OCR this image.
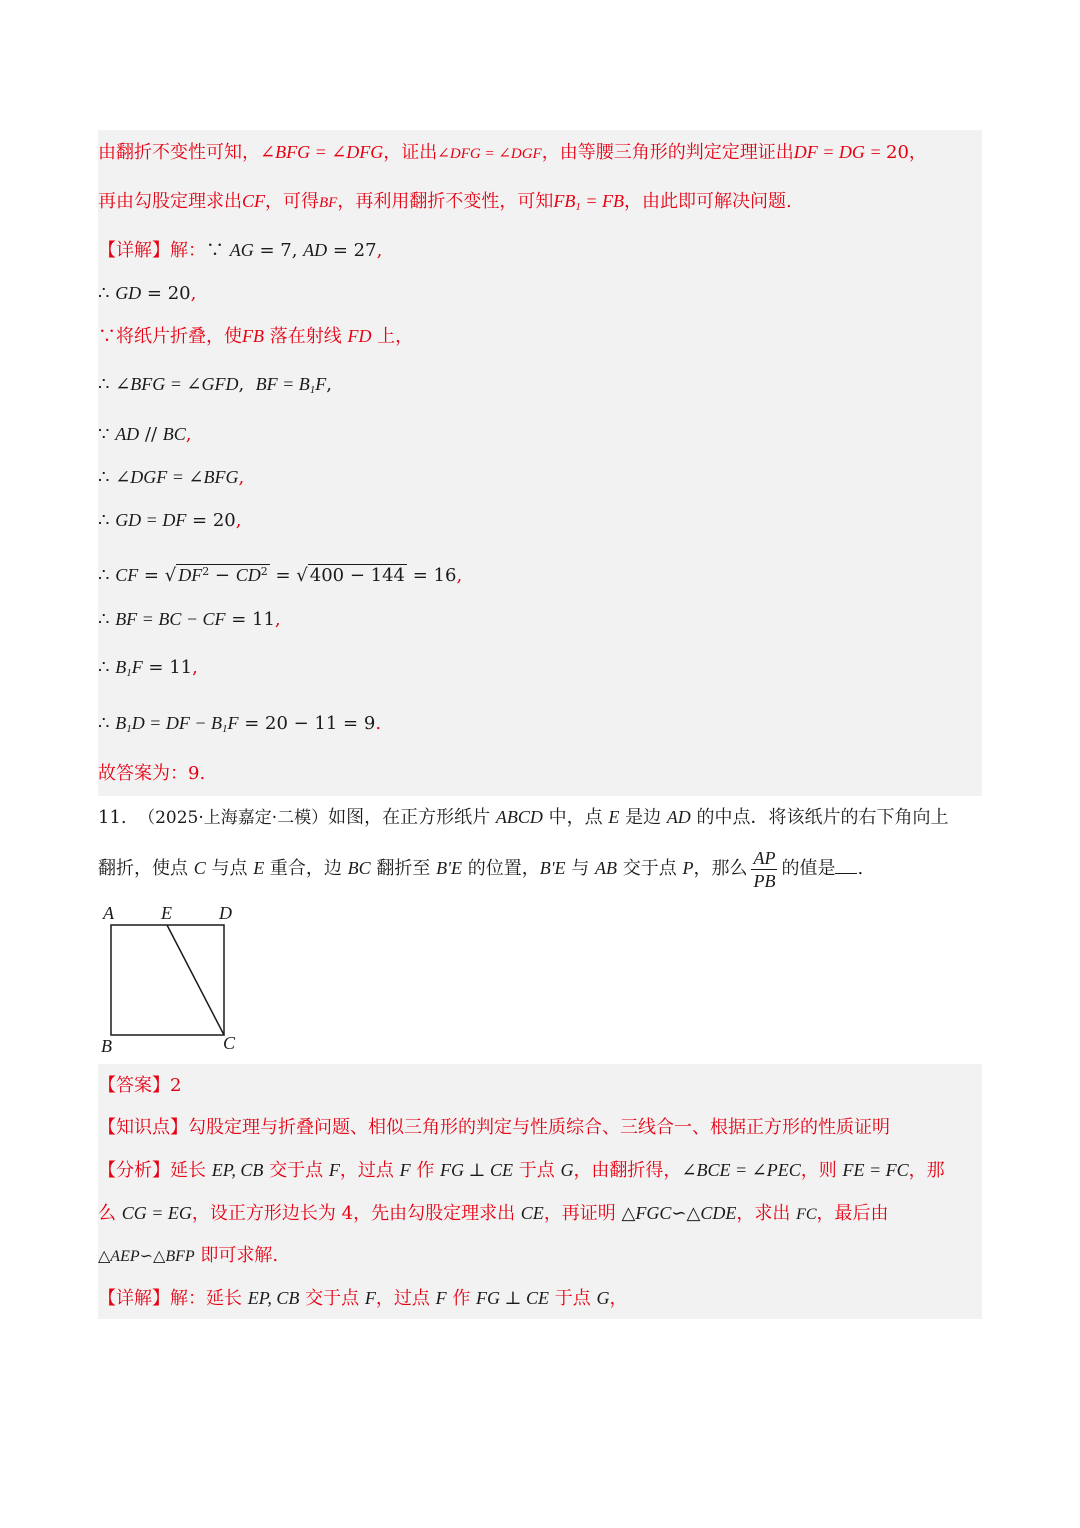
由翻折不变性可知，∠BFG = ∠DFG，证出∠DFG = ∠DGF，由等腰三角形的判定定理证出DF = DG = 20，
再由勾股定理求出CF，可得BF，再利用翻折不变性，可知$FB_1$ = FB，由此即可解决问题.
【详解】解：∵ AG = 7, AD = 27,
∴ GD = 20,
∵将纸片折叠，使FB 落在射线 FD 上，
∴ ∠BFG = ∠GFD,  BF = $B_1F$,
∵ AD // BC,
∴ ∠DGF = ∠BFG,
∴ GD = DF = 20,
∴ CF = √ $DF^2 - CD^2$ = √ 400 − 144 = 16,
∴ BF = BC − CF = 11,
∴ $B_1F = 11$,
∴ $B_1D$ = DF − $B_1F = 20 - 11 = 9$.
故答案为：9.
11. （2025·上海嘉定·二模）如图，在正方形纸片 ABCD 中，点 E 是边 AD 的中点．将该纸片的右下角向上
翻折，使点 C 与点 E 重合，边 BC 翻折至 B'E 的位置，B'E 与 AB 交于点 P，那么 $\frac{AP}{PB}$ 的值是 .
A	E	D
B	C
【答案】2
【知识点】勾股定理与折叠问题、相似三角形的判定与性质综合、三线合一、根据正方形的性质证明
【分析】延长 EP, CB 交于点 F，过点 F 作 FG ⊥ CE 于点 G，由翻折得，∠BCE = ∠PEC，则 FE = FC，那
么 CG = EG，设正方形边长为 4，先由勾股定理求出 CE，再证明 △FGC∽△CDE，求出 FC，最后由
△AEP∽△BFP 即可求解.
【详解】解：延长 EP, CB 交于点 F，过点 F 作 FG ⊥ CE 于点 G，
